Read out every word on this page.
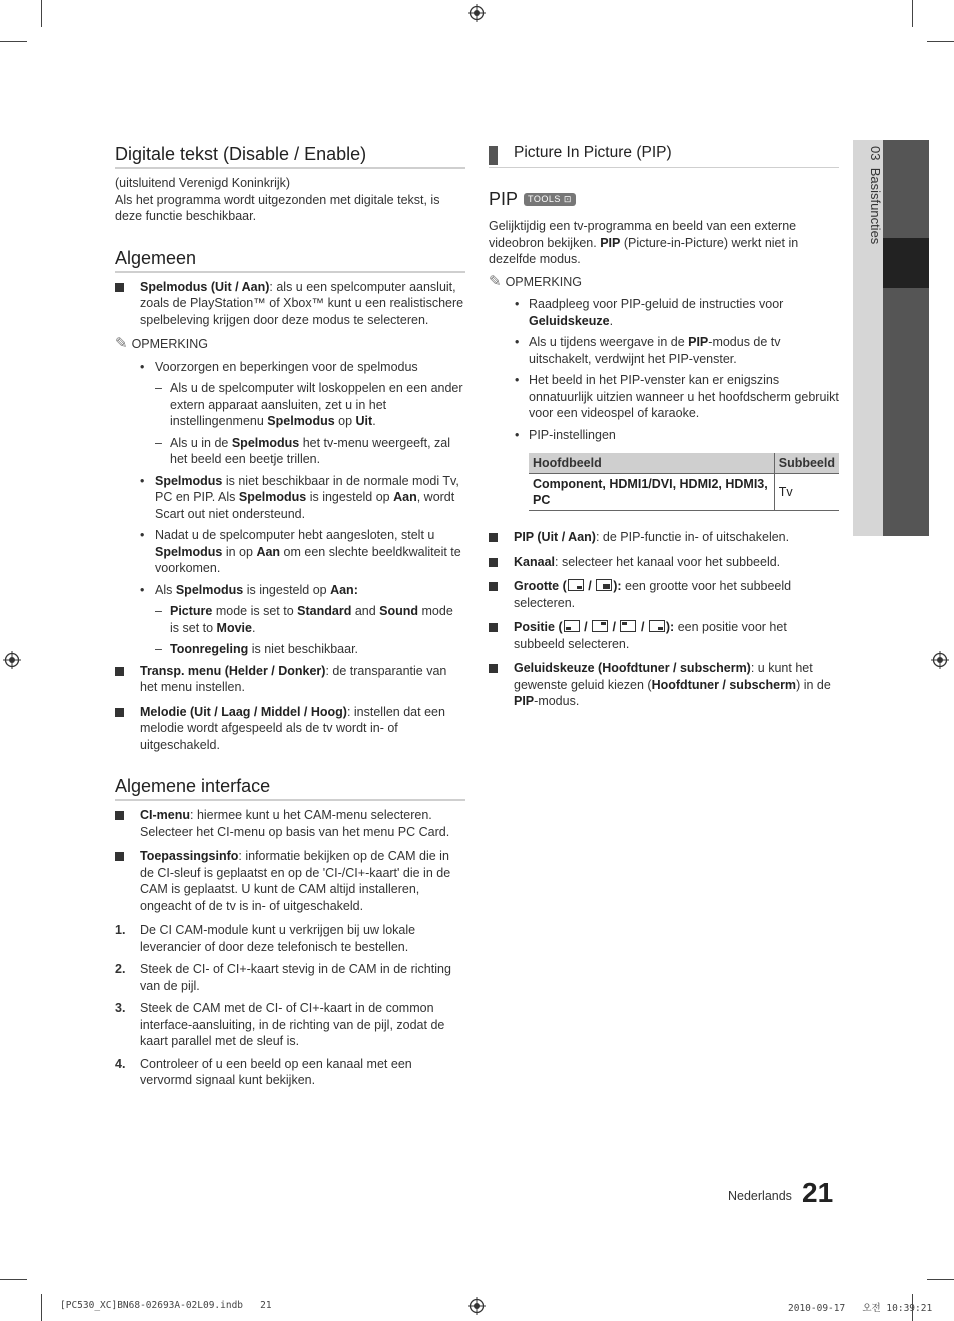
03  Basisfuncties
Digitale tekst (Disable / Enable)

(uitsluitend Verenigd Koninkrijk)

Als het programma wordt uitgezonden met digitale tekst, is deze functie beschikbaar.

Algemeen
Spelmodus (Uit / Aan): als u een spelcomputer aansluit, zoals de PlayStation™ of Xbox™ kunt u een realistischere spelbeleving krijgen door deze modus te selecteren.
✎ OPMERKING
• Voorzorgen en beperkingen voor de spelmodus
– Als u de spelcomputer wilt loskoppelen en een ander extern apparaat aansluiten, zet u in het instellingenmenu Spelmodus op Uit.
– Als u in de Spelmodus het tv-menu weergeeft, zal het beeld een beetje trillen.
• Spelmodus is niet beschikbaar in de normale modi Tv, PC en PIP. Als Spelmodus is ingesteld op Aan, wordt Scart out niet ondersteund.
• Nadat u de spelcomputer hebt aangesloten, stelt u Spelmodus in op Aan om een slechte beeldkwaliteit te voorkomen.
• Als Spelmodus is ingesteld op Aan:
– Picture mode is set to Standard and Sound mode is set to Movie.
– Toonregeling is niet beschikbaar.
Transp. menu (Helder / Donker): de transparantie van het menu instellen.
Melodie (Uit / Laag / Middel / Hoog): instellen dat een melodie wordt afgespeeld als de tv wordt in- of uitgeschakeld.
Algemene interface
CI-menu: hiermee kunt u het CAM-menu selecteren. Selecteer het CI-menu op basis van het menu PC Card.
Toepassingsinfo: informatie bekijken op de CAM die in de CI-sleuf is geplaatst en op de 'CI-/CI+-kaart' die in de CAM is geplaatst. U kunt de CAM altijd installeren, ongeacht of de tv is in- of uitgeschakeld.
1. De CI CAM-module kunt u verkrijgen bij uw lokale leverancier of door deze telefonisch te bestellen.
2. Steek de CI- of CI+-kaart stevig in de CAM in de richting van de pijl.
3. Steek de CAM met de CI- of CI+-kaart in de common interface-aansluiting, in de richting van de pijl, zodat de kaart parallel met de sleuf is.
4. Controleer of u een beeld op een kanaal met een vervormd signaal kunt bekijken.
Picture In Picture (PIP)
PIP	TOOLS ⊡

Gelijktijdig een tv-programma en beeld van een externe videobron bekijken. PIP (Picture-in-Picture) werkt niet in dezelfde modus.

✎ OPMERKING
• Raadpleeg voor PIP-geluid de instructies voor Geluidskeuze.
• Als u tijdens weergave in de PIP-modus de tv uitschakelt, verdwijnt het PIP-venster.
• Het beeld in het PIP-venster kan er enigszins onnatuurlijk uitzien wanneer u het hoofdscherm gebruikt voor een videospel of karaoke.
• PIP-instellingen
Hoofdbeeld	Subbeeld
Component, HDMI1/DVI, HDMI2, HDMI3, PC	Tv
PIP (Uit / Aan): de PIP-functie in- of uitschakelen.
Kanaal: selecteer het kanaal voor het subbeeld.
Grootte (
/
): een grootte voor het subbeeld selecteren.
Positie (
/
/
/
): een positie voor het subbeeld selecteren.
Geluidskeuze (Hoofdtuner / subscherm): u kunt het gewenste geluid kiezen (Hoofdtuner / subscherm) in de PIP-modus.
Nederlands 21
[PC530_XC]BN68-02693A-02L09.indb   21	2010-09-17   오전 10:39:21
